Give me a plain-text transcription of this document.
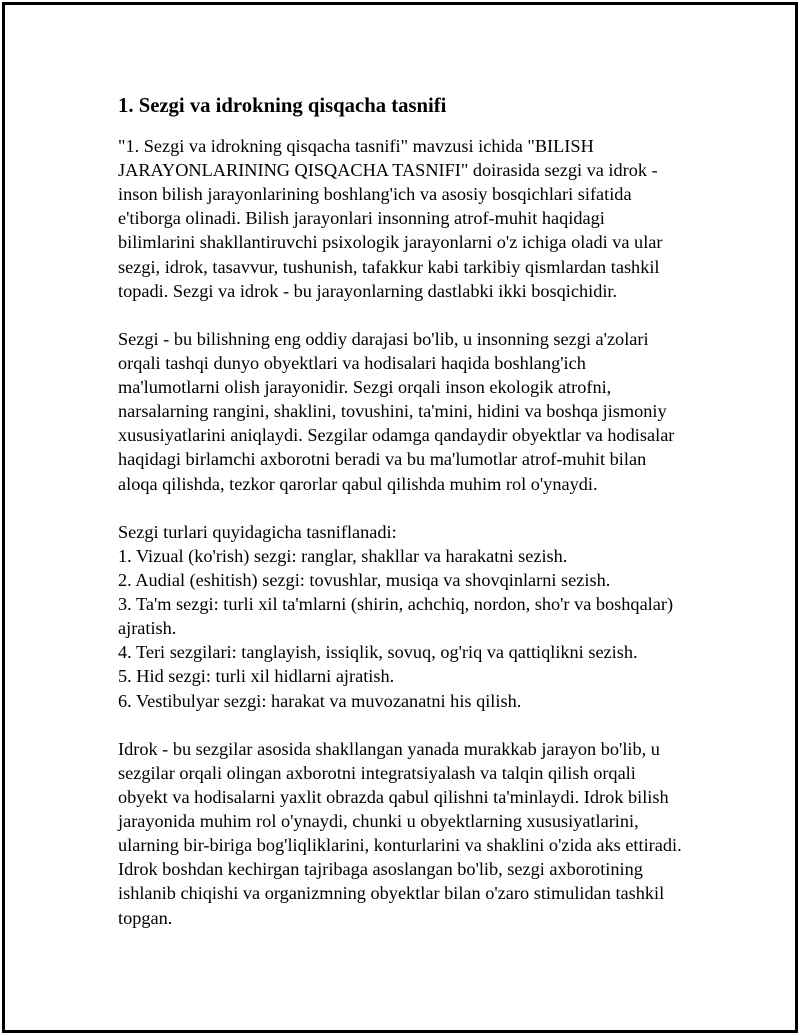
1. Sezgi va idrokning qisqacha tasnifi
"1. Sezgi va idrokning qisqacha tasnifi" mavzusi ichida "BILISH
JARAYONLARINING QISQACHA TASNIFI" doirasida sezgi va idrok -
inson bilish jarayonlarining boshlang'ich va asosiy bosqichlari sifatida
e'tiborga olinadi. Bilish jarayonlari insonning atrof-muhit haqidagi
bilimlarini shakllantiruvchi psixologik jarayonlarni o'z ichiga oladi va ular
sezgi, idrok, tasavvur, tushunish, tafakkur kabi tarkibiy qismlardan tashkil
topadi. Sezgi va idrok - bu jarayonlarning dastlabki ikki bosqichidir.
Sezgi - bu bilishning eng oddiy darajasi bo'lib, u insonning sezgi a'zolari
orqali tashqi dunyo obyektlari va hodisalari haqida boshlang'ich
ma'lumotlarni olish jarayonidir. Sezgi orqali inson ekologik atrofni,
narsalarning rangini, shaklini, tovushini, ta'mini, hidini va boshqa jismoniy
xususiyatlarini aniqlaydi. Sezgilar odamga qandaydir obyektlar va hodisalar
haqidagi birlamchi axborotni beradi va bu ma'lumotlar atrof-muhit bilan
aloqa qilishda, tezkor qarorlar qabul qilishda muhim rol o'ynaydi.
Sezgi turlari quyidagicha tasniflanadi:
1. Vizual (ko'rish) sezgi: ranglar, shakllar va harakatni sezish.
2. Audial (eshitish) sezgi: tovushlar, musiqa va shovqinlarni sezish.
3. Ta'm sezgi: turli xil ta'mlarni (shirin, achchiq, nordon, sho'r va boshqalar)
ajratish.
4. Teri sezgilari: tanglayish, issiqlik, sovuq, og'riq va qattiqlikni sezish.
5. Hid sezgi: turli xil hidlarni ajratish.
6. Vestibulyar sezgi: harakat va muvozanatni his qilish.
Idrok - bu sezgilar asosida shakllangan yanada murakkab jarayon bo'lib, u
sezgilar orqali olingan axborotni integratsiyalash va talqin qilish orqali
obyekt va hodisalarni yaxlit obrazda qabul qilishni ta'minlaydi. Idrok bilish
jarayonida muhim rol o'ynaydi, chunki u obyektlarning xususiyatlarini,
ularning bir-biriga bog'liqliklarini, konturlarini va shaklini o'zida aks ettiradi.
Idrok boshdan kechirgan tajribaga asoslangan bo'lib, sezgi axborotining
ishlanib chiqishi va organizmning obyektlar bilan o'zaro stimulidan tashkil
topgan.
